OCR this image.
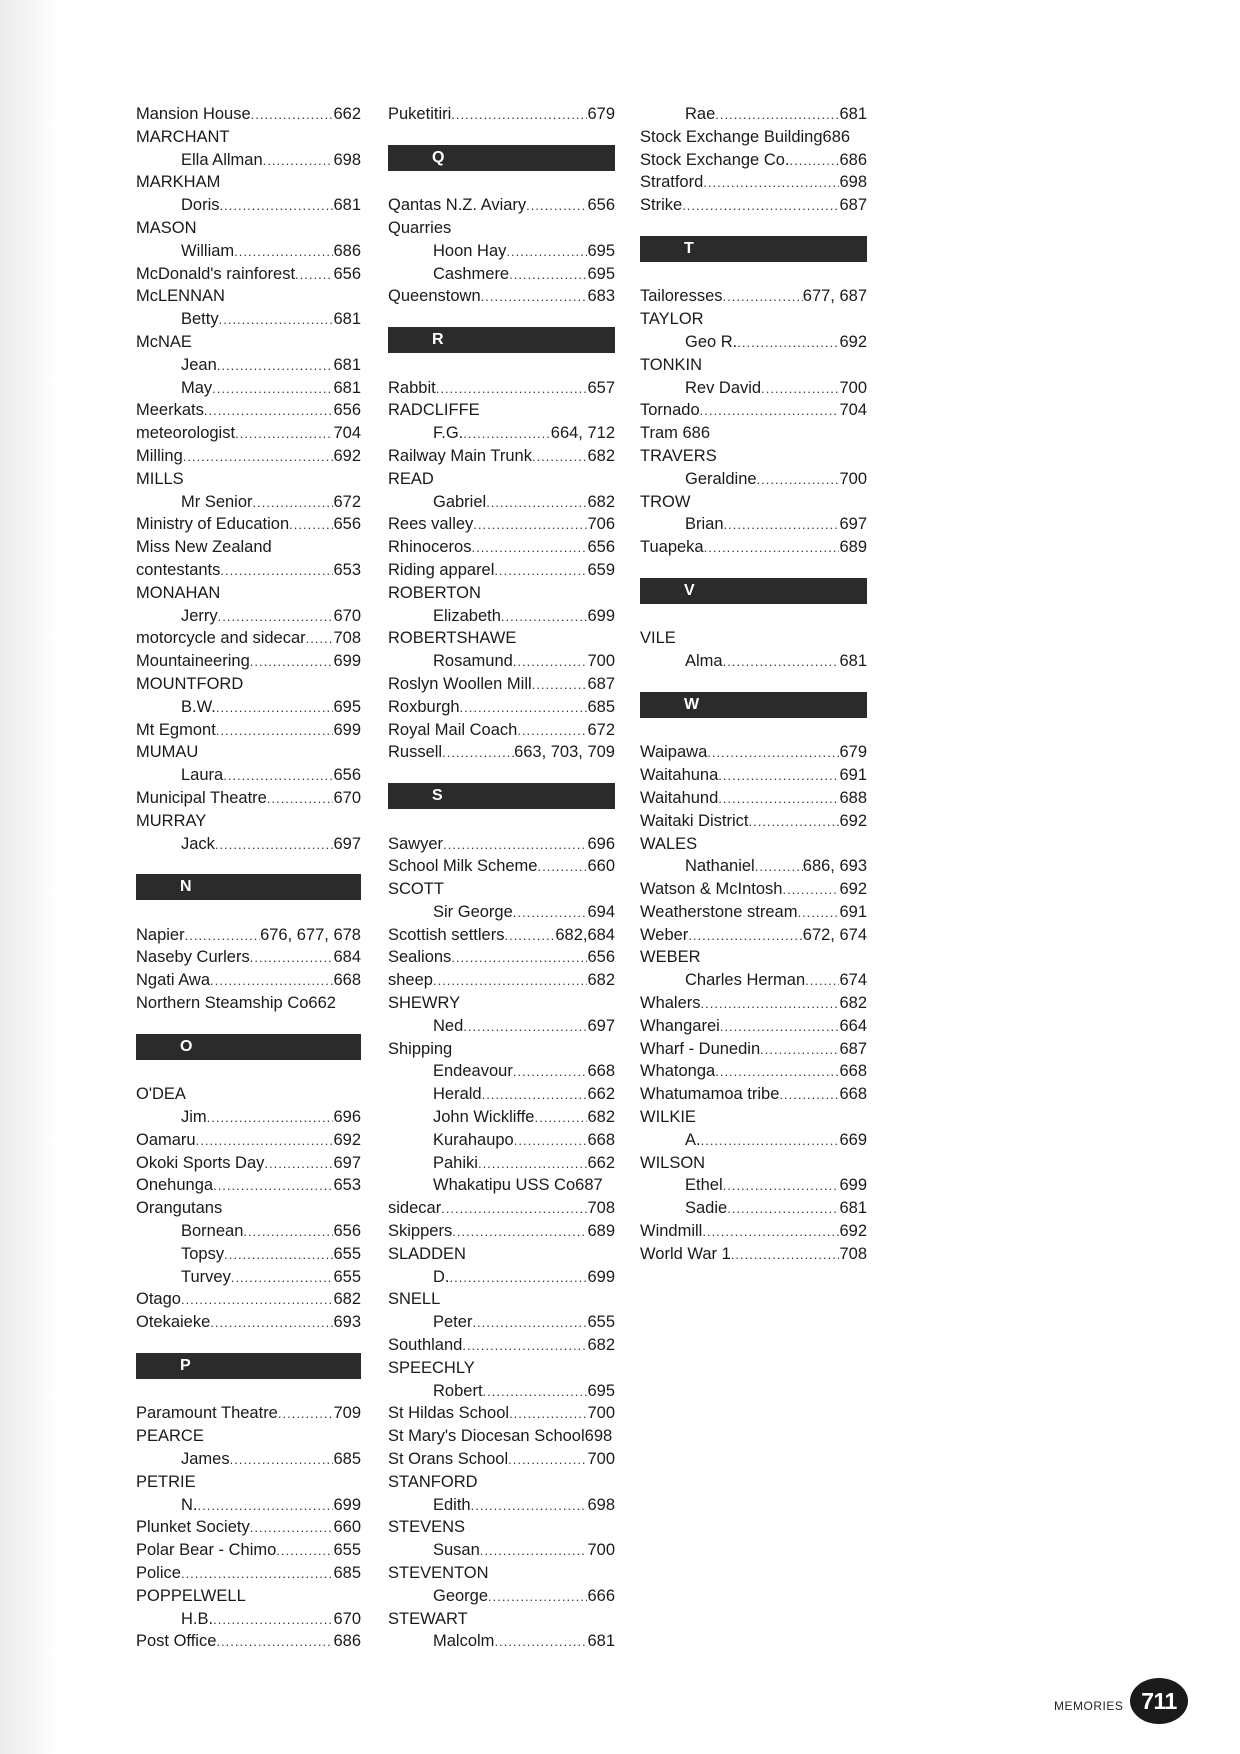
Mansion House .....	662
MARCHANT
Ella Allman .....	698
MARKHAM
Doris .....	681
MASON
William .....	686
McDonald's rainforest ..... 656
McLENNAN
Betty .....	681
McNAE
Jean .....	681
May .....	681
Meerkats .....	656
meteorologist .....	704
Milling .....	692
MILLS
Mr Senior .....	672
Ministry of Education .....	656
Miss New Zealand
contestants .....	653
MONAHAN
Jerry .....	670
motorcycle and sidecar ..... 708
Mountaineering .....	699
MOUNTFORD
B.W. .....	695
Mt Egmont .....	699
MUMAU
Laura .....	656
Municipal Theatre .....	670
MURRAY
Jack .....	697
N
Napier .....	676, 677, 678
Naseby Curlers .....	684
Ngati Awa .....	668
Northern Steamship Co662
O
O'DEA
Jim .....	696
Oamaru .....	692
Okoki Sports Day .....	697
Onehunga .....	653
Orangutans
Bornean .....	656
Topsy .....	655
Turvey .....	655
Otago .....	682
Otekaieke .....	693
P
Paramount Theatre .....	709
PEARCE
James .....	685
PETRIE
N. .....	699
Plunket Society .....	660
Polar Bear - Chimo .....	655
Police .....	685
POPPELWELL
H.B. .....	670
Post Office .....	686
Puketitiri .....	679
Q
Qantas N.Z. Aviary .....	656
Quarries
Hoon Hay .....	695
Cashmere .....	695
Queenstown .....	683
R
Rabbit .....	657
RADCLIFFE
F.G. .....	664, 712
Railway Main Trunk .....	682
READ
Gabriel .....	682
Rees valley .....	706
Rhinoceros .....	656
Riding apparel .....	659
ROBERTON
Elizabeth .....	699
ROBERTSHAWE
Rosamund .....	700
Roslyn Woollen Mill .....	687
Roxburgh .....	685
Royal Mail Coach .....	672
Russell .....	663, 703, 709
S
Sawyer .....	696
School Milk Scheme .....	660
SCOTT
Sir George .....	694
Scottish settlers .....	682,684
Sealions .....	656
sheep .....	682
SHEWRY
Ned .....	697
Shipping
Endeavour .....	668
Herald .....	662
John Wickliffe .....	682
Kurahaupo .....	668
Pahiki .....	662
Whakatipu USS Co687
sidecar .....	708
Skippers .....	689
SLADDEN
D. .....	699
SNELL
Peter .....	655
Southland .....	682
SPEECHLY
Robert .....	695
St Hildas School .....	700
St Mary's Diocesan School698
St Orans School .....	700
STANFORD
Edith .....	698
STEVENS
Susan .....	700
STEVENTON
George .....	666
STEWART
Malcolm .....	681
Rae .....	681
Stock Exchange Building686
Stock Exchange Co. .....	686
Stratford .....	698
Strike .....	687
T
Tailoresses .....	677, 687
TAYLOR
Geo R. .....	692
TONKIN
Rev David .....	700
Tornado .....	704
Tram 686
TRAVERS
Geraldine .....	700
TROW
Brian .....	697
Tuapeka .....	689
V
VILE
Alma .....	681
W
Waipawa .....	679
Waitahuna .....	691
Waitahund .....	688
Waitaki District .....	692
WALES
Nathaniel .....	686, 693
Watson & McIntosh .....	692
Weatherstone stream .....	691
Weber .....	672, 674
WEBER
Charles Herman ..... 674
Whalers .....	682
Whangarei .....	664
Wharf - Dunedin .....	687
Whatonga .....	668
Whatumamoa tribe .....	668
WILKIE
A. .....	669
WILSON
Ethel .....	699
Sadie .....	681
Windmill .....	692
World War 1 .....	708
MEMORIES 711
